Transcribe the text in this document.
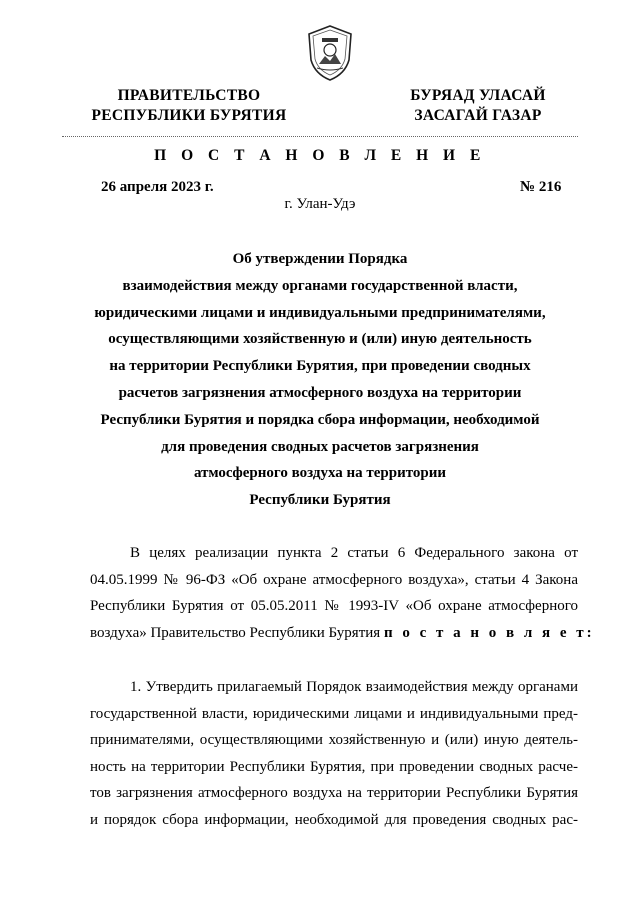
ПРАВИТЕЛЬСТВО
РЕСПУБЛИКИ БУРЯТИЯ
БУРЯАД УЛАСАЙ
ЗАСАГАЙ ГАЗАР
П О С Т А Н О В Л Е Н И Е
26 апреля 2023 г.	№ 216
г. Улан-Удэ
Об утверждении Порядка
взаимодействия между органами государственной власти,
юридическими лицами и индивидуальными предпринимателями,
осуществляющими хозяйственную и (или) иную деятельность
на территории Республики Бурятия, при проведении сводных
расчетов загрязнения атмосферного воздуха на территории
Республики Бурятия и порядка сбора информации, необходимой
для проведения сводных расчетов загрязнения
атмосферного воздуха на территории
Республики Бурятия
В целях реализации пункта 2 статьи 6 Федерального закона от
04.05.1999 № 96-ФЗ «Об охране атмосферного воздуха», статьи 4 Закона
Республики Бурятия от 05.05.2011 № 1993-IV «Об охране атмосферного
воздуха» Правительство Республики Бурятия п о с т а н о в л я е т:
1. Утвердить прилагаемый Порядок взаимодействия между органами
государственной власти, юридическими лицами и индивидуальными пред-
принимателями, осуществляющими хозяйственную и (или) иную деятель-
ность на территории Республики Бурятия, при проведении сводных расче-
тов загрязнения атмосферного воздуха на территории Республики Бурятия
и порядок сбора информации, необходимой для проведения сводных рас-
